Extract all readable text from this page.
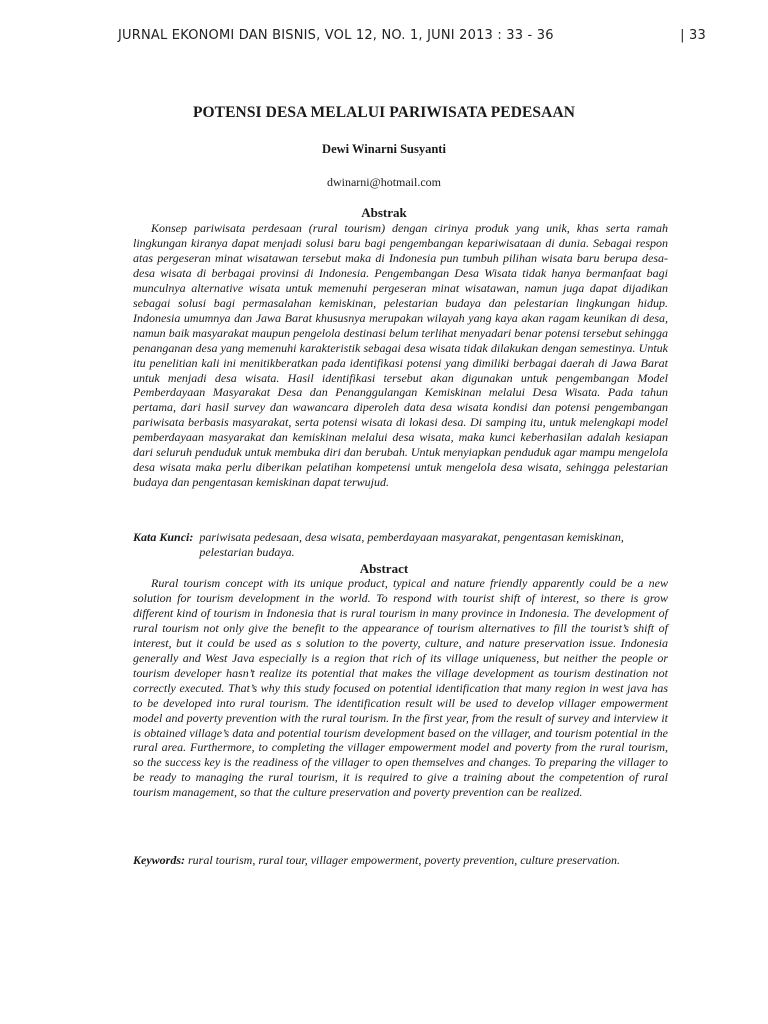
JURNAL EKONOMI DAN BISNIS, VOL 12, NO. 1, JUNI 2013 : 33 - 36	| 33
POTENSI DESA MELALUI PARIWISATA PEDESAAN
Dewi Winarni Susyanti
dwinarni@hotmail.com
Abstrak

Konsep pariwisata perdesaan (rural tourism) dengan cirinya produk yang unik, khas serta ramah lingkungan kiranya dapat menjadi solusi baru bagi pengembangan kepariwisataan di dunia. Sebagai respon atas pergeseran minat wisatawan tersebut maka di Indonesia pun tumbuh pilihan wisata baru berupa desa-desa wisata di berbagai provinsi di Indonesia. Pengembangan Desa Wisata tidak hanya bermanfaat bagi munculnya alternative wisata untuk memenuhi pergeseran minat wisatawan, namun juga dapat dijadikan sebagai solusi bagi permasalahan kemiskinan, pelestarian budaya dan pelestarian lingkungan hidup. Indonesia umumnya dan Jawa Barat khususnya merupakan wilayah yang kaya akan ragam keunikan di desa, namun baik masyarakat maupun pengelola destinasi belum terlihat menyadari benar potensi tersebut sehingga penanganan desa yang memenuhi karakteristik sebagai desa wisata tidak dilakukan dengan semestinya. Untuk itu penelitian kali ini menitikberatkan pada identifikasi potensi yang dimiliki berbagai daerah di Jawa Barat untuk menjadi desa wisata. Hasil identifikasi tersebut akan digunakan untuk pengembangan Model Pemberdayaan Masyarakat Desa dan Penanggulangan Kemiskinan melalui Desa Wisata. Pada tahun pertama, dari hasil survey dan wawancara diperoleh data desa wisata kondisi dan potensi pengembangan pariwisata berbasis masyarakat, serta potensi wisata di lokasi desa. Di samping itu, untuk melengkapi model pemberdayaan masyarakat dan kemiskinan melalui desa wisata, maka kunci keberhasilan adalah kesiapan dari seluruh penduduk untuk membuka diri dan berubah. Untuk menyiapkan penduduk agar mampu mengelola desa wisata maka perlu diberikan pelatihan kompetensi untuk mengelola desa wisata, sehingga pelestarian budaya dan pengentasan kemiskinan dapat terwujud.

Kata Kunci: pariwisata pedesaan, desa wisata, pemberdayaan masyarakat, pengentasan kemiskinan, pelestarian budaya.
Abstract

Rural tourism concept with its unique product, typical and nature friendly apparently could be a new solution for tourism development in the world. To respond with tourist shift of interest, so there is grow different kind of tourism in Indonesia that is rural tourism in many province in Indonesia. The development of rural tourism not only give the benefit to the appearance of tourism alternatives to fill the tourist’s shift of interest, but it could be used as s solution to the poverty, culture, and nature preservation issue. Indonesia generally and West Java especially is a region that rich of its village uniqueness, but neither the people or tourism developer hasn’t realize its potential that makes the village development as tourism destination not correctly executed. That’s why this study focused on potential identification that many region in west java has to be developed into rural tourism. The identification result will be used to develop villager empowerment model and poverty prevention with the rural tourism. In the first year, from the result of survey and interview it is obtained village’s data and potential tourism development based on the villager, and tourism potential in the rural area. Furthermore, to completing the villager empowerment model and poverty from the rural tourism, so the success key is the readiness of the villager to open themselves and changes. To preparing the villager to be ready to managing the rural tourism, it is required to give a training about the competention of rural tourism management, so that the culture preservation and poverty prevention can be realized.

Keywords: rural tourism, rural tour, villager empowerment, poverty prevention, culture preservation.
